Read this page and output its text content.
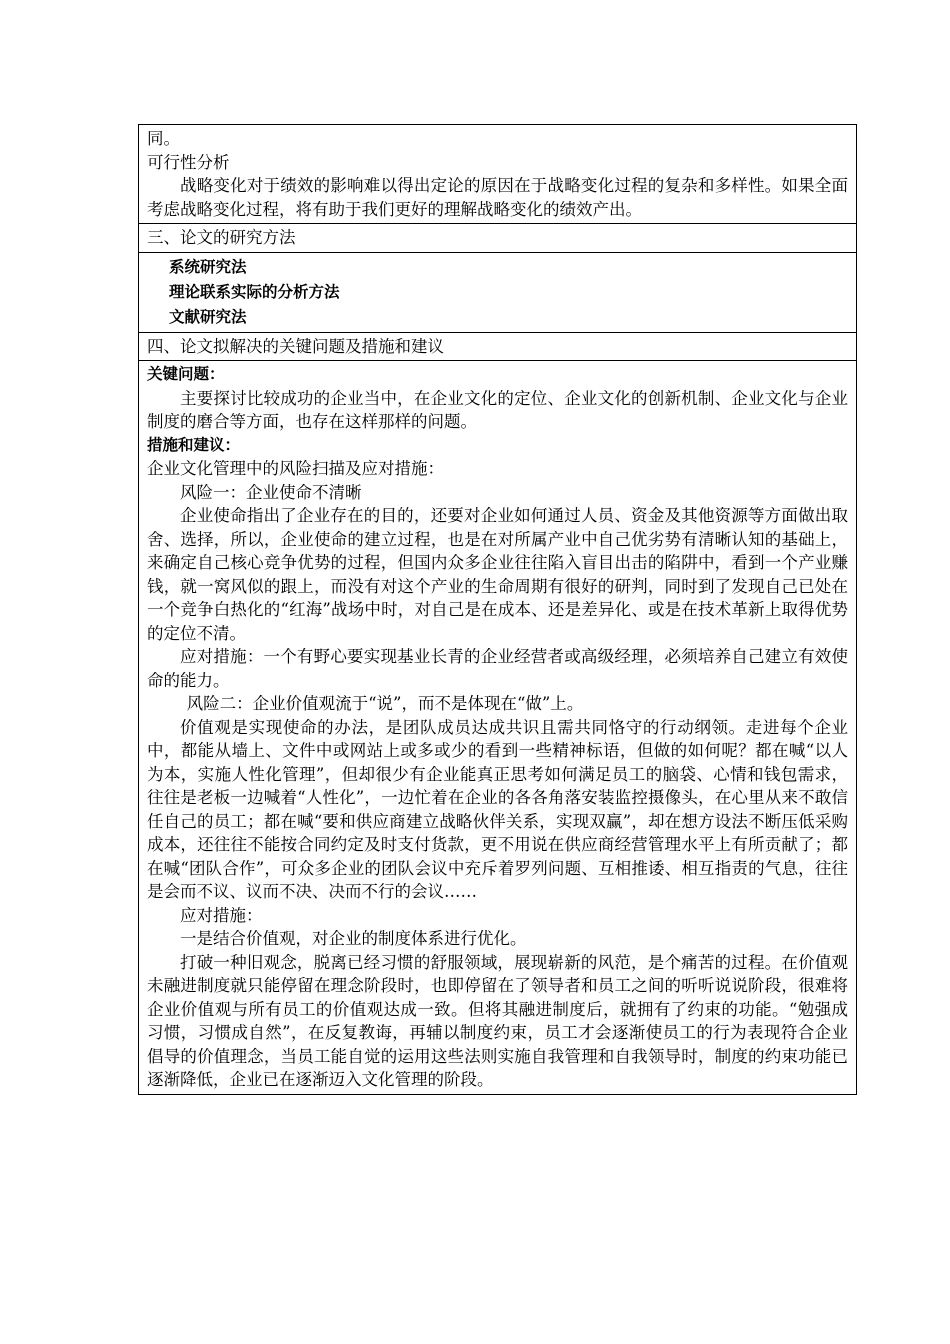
同。

可行性分析

战略变化对于绩效的影响难以得出定论的原因在于战略变化过程的复杂和多样性。如果全面考虑战略变化过程，将有助于我们更好的理解战略变化的绩效产出。

三、论文的研究方法

系统研究法

理论联系实际的分析方法

文献研究法

四、论文拟解决的关键问题及措施和建议

关键问题：

主要探讨比较成功的企业当中，在企业文化的定位、企业文化的创新机制、企业文化与企业制度的磨合等方面，也存在这样那样的问题。

措施和建议：

企业文化管理中的风险扫描及应对措施：

风险一：企业使命不清晰

企业使命指出了企业存在的目的，还要对企业如何通过人员、资金及其他资源等方面做出取舍、选择，所以，企业使命的建立过程，也是在对所属产业中自己优劣势有清晰认知的基础上，来确定自己核心竞争优势的过程，但国内众多企业往往陷入盲目出击的陷阱中，看到一个产业赚钱，就一窝风似的跟上，而没有对这个产业的生命周期有很好的研判，同时到了发现自己已处在一个竞争白热化的“红海”战场中时，对自己是在成本、还是差异化、或是在技术革新上取得优势的定位不清。

应对措施：一个有野心要实现基业长青的企业经营者或高级经理，必须培养自己建立有效使命的能力。

风险二：企业价值观流于“说”，而不是体现在“做”上。

价值观是实现使命的办法，是团队成员达成共识且需共同恪守的行动纲领。走进每个企业中，都能从墙上、文件中或网站上或多或少的看到一些精神标语，但做的如何呢？都在喊“以人为本，实施人性化管理”，但却很少有企业能真正思考如何满足员工的脑袋、心情和钱包需求，往往是老板一边喊着“人性化”，一边忙着在企业的各各角落安装监控摄像头，在心里从来不敢信任自己的员工；都在喊“要和供应商建立战略伙伴关系，实现双赢”，却在想方设法不断压低采购成本，还往往不能按合同约定及时支付货款，更不用说在供应商经营管理水平上有所贡献了；都在喊“团队合作”，可众多企业的团队会议中充斥着罗列问题、互相推诿、相互指责的气息，往往是会而不议、议而不决、决而不行的会议……

应对措施：

一是结合价值观，对企业的制度体系进行优化。

打破一种旧观念，脱离已经习惯的舒服领域，展现崭新的风范，是个痛苦的过程。在价值观未融进制度就只能停留在理念阶段时，也即停留在了领导者和员工之间的听听说说阶段，很难将企业价值观与所有员工的价值观达成一致。但将其融进制度后，就拥有了约束的功能。“勉强成习惯，习惯成自然”，在反复教诲，再辅以制度约束，员工才会逐渐使员工的行为表现符合企业倡导的价值理念，当员工能自觉的运用这些法则实施自我管理和自我领导时，制度的约束功能已逐渐降低，企业已在逐渐迈入文化管理的阶段。
